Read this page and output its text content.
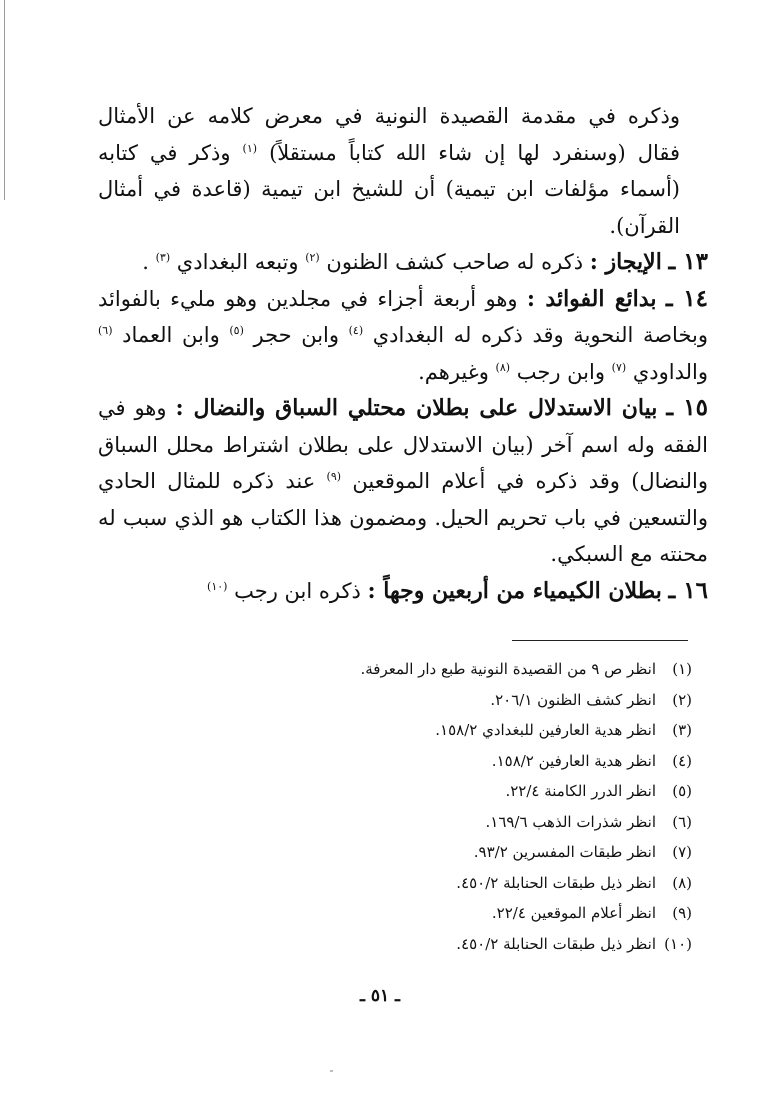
وذكره في مقدمة القصيدة النونية في معرض كلامه عن الأمثال فقال (وسنفرد لها إن شاء الله كتاباً مستقلاً) $^{(١)}$ وذكر في كتابه (أسماء مؤلفات ابن تيمية) أن للشيخ ابن تيمية (قاعدة في أمثال القرآن).

١٣ ـ الإيجاز : ذكره له صاحب كشف الظنون $^{(٢)}$ وتبعه البغدادي $^{(٣)}$ .

١٤ ـ بدائع الفوائد : وهو أربعة أجزاء في مجلدين وهو مليء بالفوائد وبخاصة النحوية وقد ذكره له البغدادي $^{(٤)}$ وابن حجر $^{(٥)}$ وابن العماد $^{(٦)}$ والداودي $^{(٧)}$ وابن رجب $^{(٨)}$ وغيرهم.

١٥ ـ بيان الاستدلال على بطلان محتلي السباق والنضال : وهو في الفقه وله اسم آخر (بيان الاستدلال على بطلان اشتراط محلل السباق والنضال) وقد ذكره في أعلام الموقعين $^{(٩)}$ عند ذكره للمثال الحادي والتسعين في باب تحريم الحيل. ومضمون هذا الكتاب هو الذي سبب له محنته مع السبكي.

١٦ ـ بطلان الكيمياء من أربعين وجهاً : ذكره ابن رجب $^{(١٠)}$

(١)انظر ص ٩ من القصيدة النونية طبع دار المعرفة.
(٢)انظر كشف الظنون ٢٠٦/١.
(٣)انظر هدية العارفين للبغدادي ١٥٨/٢.
(٤)انظر هدية العارفين ١٥٨/٢.
(٥)انظر الدرر الكامنة ٢٢/٤.
(٦)انظر شذرات الذهب ١٦٩/٦.
(٧)انظر طبقات المفسرين ٩٣/٢.
(٨)انظر ذيل طبقات الحنابلة ٤٥٠/٢.
(٩)انظر أعلام الموقعين ٢٢/٤.
(١٠)انظر ذيل طبقات الحنابلة ٤٥٠/٢.
ـ ٥١ ـ
